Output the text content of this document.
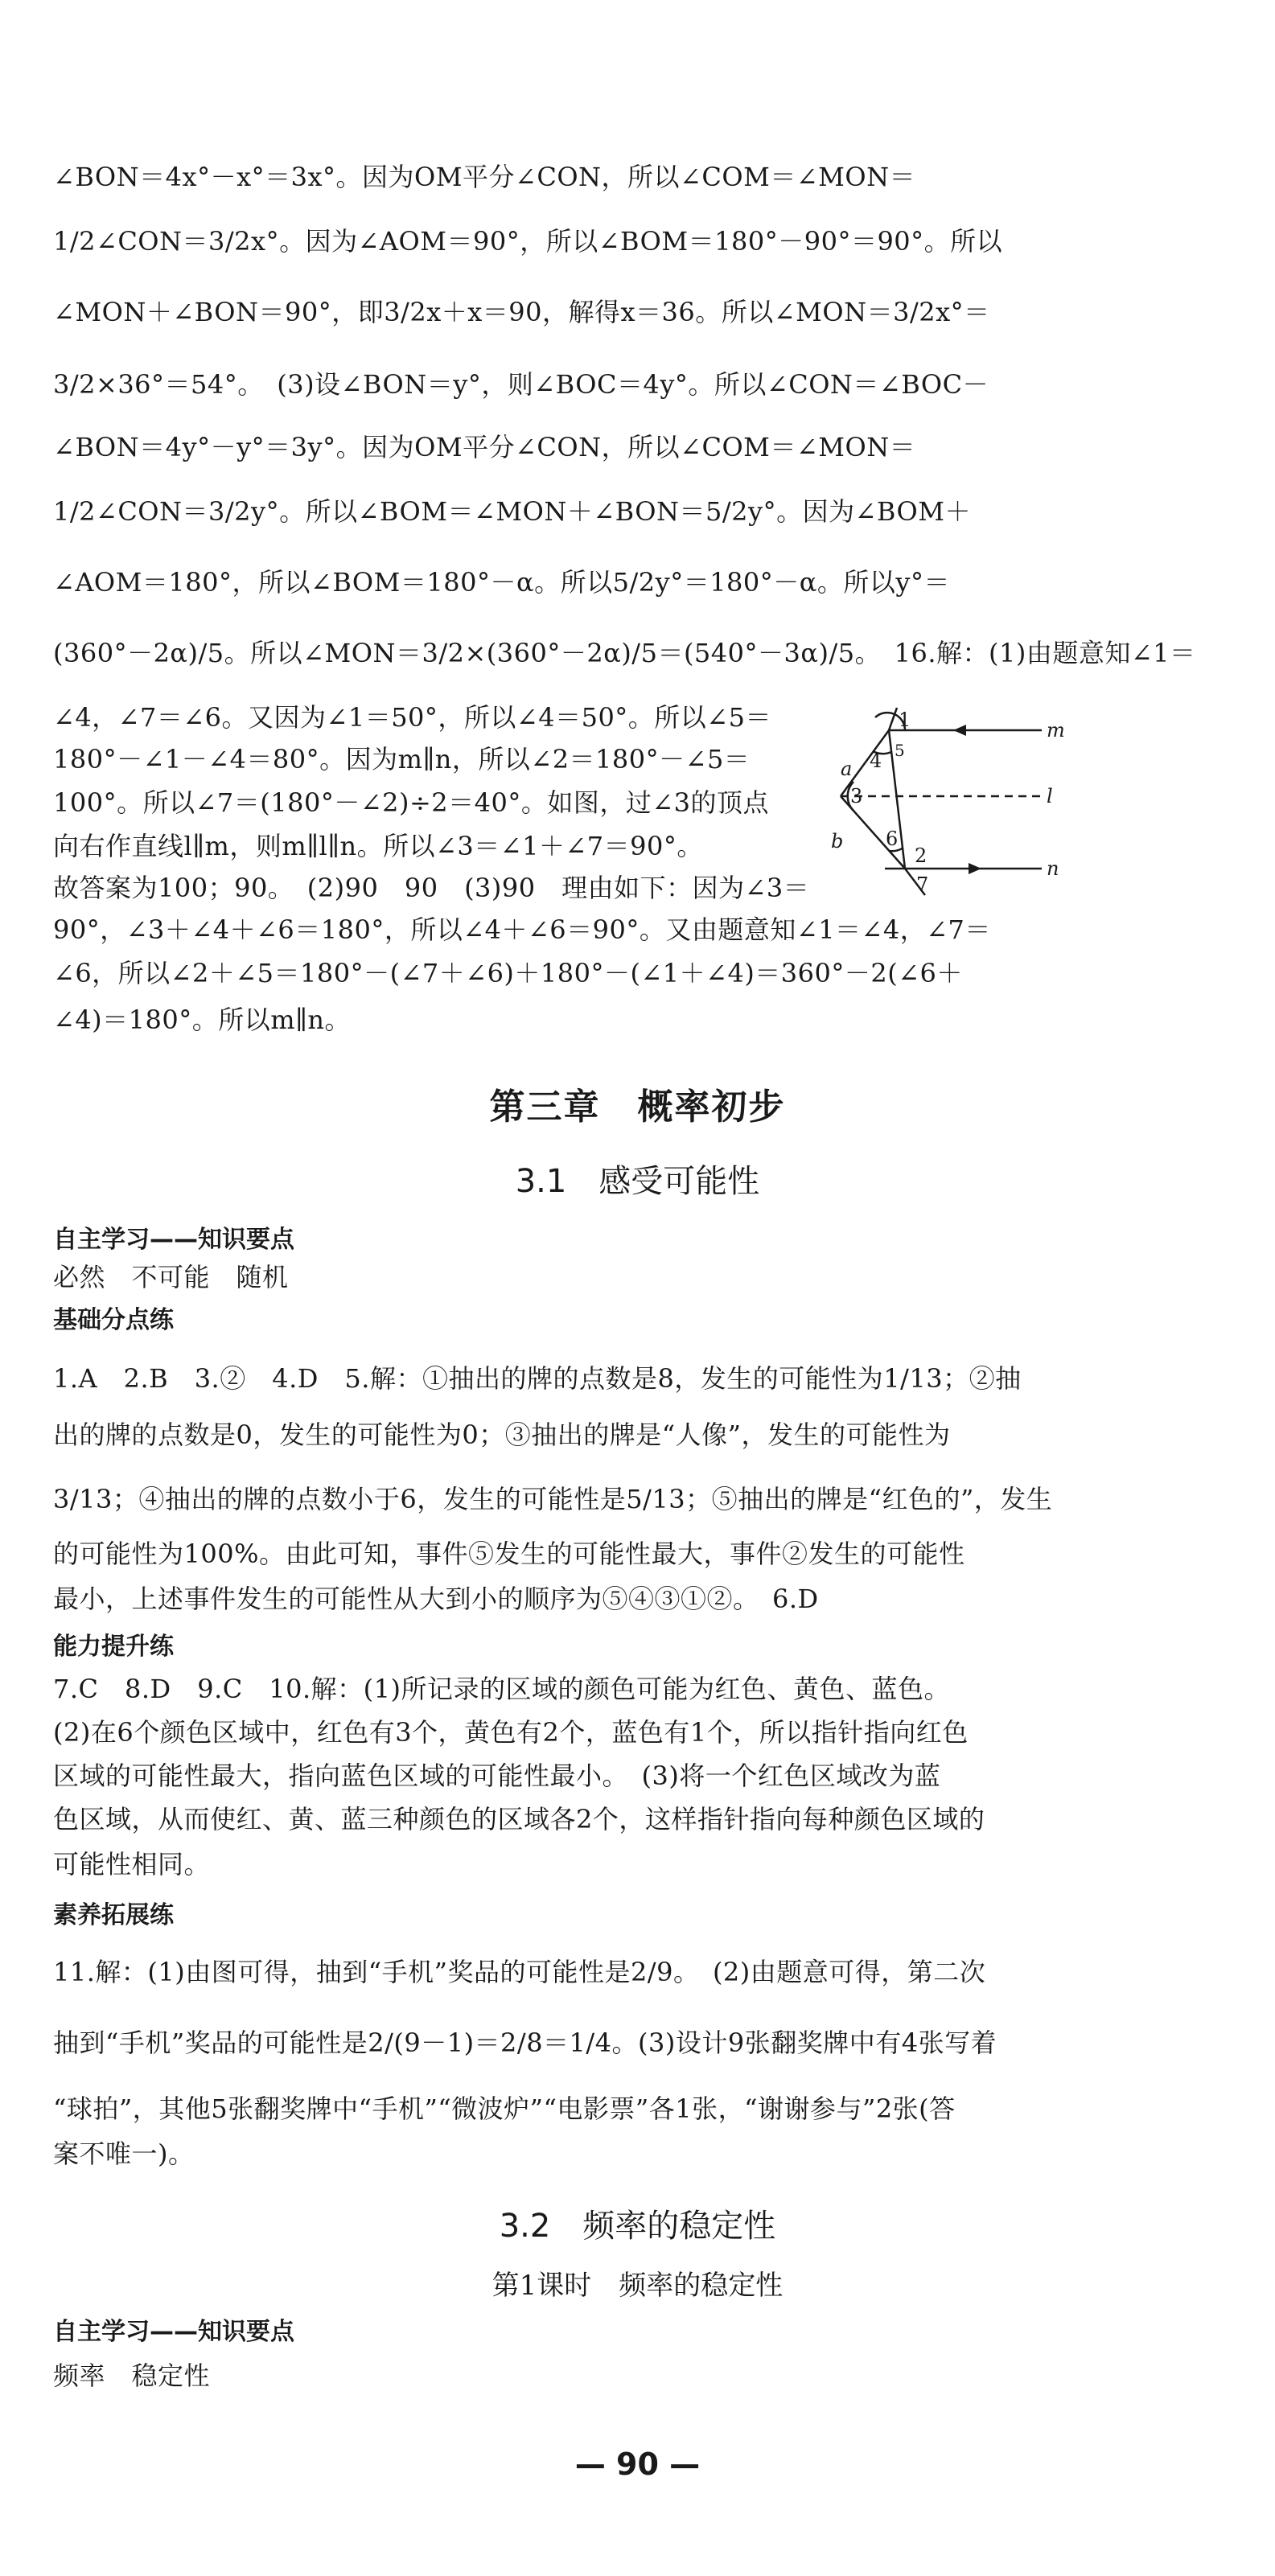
∠BON＝4x°－x°＝3x°。因为OM平分∠CON，所以∠COM＝∠MON＝
1/2∠CON＝3/2x°。因为∠AOM＝90°，所以∠BOM＝180°－90°＝90°。所以
∠MON＋∠BON＝90°，即3/2x＋x＝90，解得x＝36。所以∠MON＝3/2x°＝
3/2×36°＝54°。　(3)设∠BON＝y°，则∠BOC＝4y°。所以∠CON＝∠BOC－
∠BON＝4y°－y°＝3y°。因为OM平分∠CON，所以∠COM＝∠MON＝
1/2∠CON＝3/2y°。所以∠BOM＝∠MON＋∠BON＝5/2y°。因为∠BOM＋
∠AOM＝180°，所以∠BOM＝180°－α。所以5/2y°＝180°－α。所以y°＝
(360°－2α)/5。所以∠MON＝3/2×(360°－2α)/5＝(540°－3α)/5。　16.解：(1)由题意知∠1＝
∠4，∠7＝∠6。又因为∠1＝50°，所以∠4＝50°。所以∠5＝
180°－∠1－∠4＝80°。因为m∥n，所以∠2＝180°－∠5＝
100°。所以∠7＝(180°－∠2)÷2＝40°。如图，过∠3的顶点
向右作直线l∥m，则m∥l∥n。所以∠3＝∠1＋∠7＝90°。
故答案为100；90。　(2)90　90　(3)90　理由如下：因为∠3＝
90°，∠3＋∠4＋∠6＝180°，所以∠4＋∠6＝90°。又由题意知∠1＝∠4，∠7＝
∠6，所以∠2＋∠5＝180°－(∠7＋∠6)＋180°－(∠1＋∠4)＝360°－2(∠6＋
∠4)＝180°。所以m∥n。
1
5
4
a
3
b 6
2
7
m
l
n
第三章　概率初步
3.1　感受可能性
自主学习——知识要点
必然　不可能　随机
基础分点练
1.A　2.B　3.②　4.D　5.解：①抽出的牌的点数是8，发生的可能性为1/13；②抽
出的牌的点数是0，发生的可能性为0；③抽出的牌是“人像”，发生的可能性为
3/13；④抽出的牌的点数小于6，发生的可能性是5/13；⑤抽出的牌是“红色的”，发生
的可能性为100%。由此可知，事件⑤发生的可能性最大，事件②发生的可能性
最小，上述事件发生的可能性从大到小的顺序为⑤④③①②。　6.D
能力提升练
7.C　8.D　9.C　10.解：(1)所记录的区域的颜色可能为红色、黄色、蓝色。
(2)在6个颜色区域中，红色有3个，黄色有2个，蓝色有1个，所以指针指向红色
区域的可能性最大，指向蓝色区域的可能性最小。　(3)将一个红色区域改为蓝
色区域，从而使红、黄、蓝三种颜色的区域各2个，这样指针指向每种颜色区域的
可能性相同。
素养拓展练
11.解：(1)由图可得，抽到“手机”奖品的可能性是2/9。　(2)由题意可得，第二次
抽到“手机”奖品的可能性是2/(9－1)＝2/8＝1/4。(3)设计9张翻奖牌中有4张写着
“球拍”，其他5张翻奖牌中“手机”“微波炉”“电影票”各1张，“谢谢参与”2张(答
案不唯一)。
3.2　频率的稳定性
第1课时　频率的稳定性
自主学习——知识要点
频率　稳定性
— 90 —
